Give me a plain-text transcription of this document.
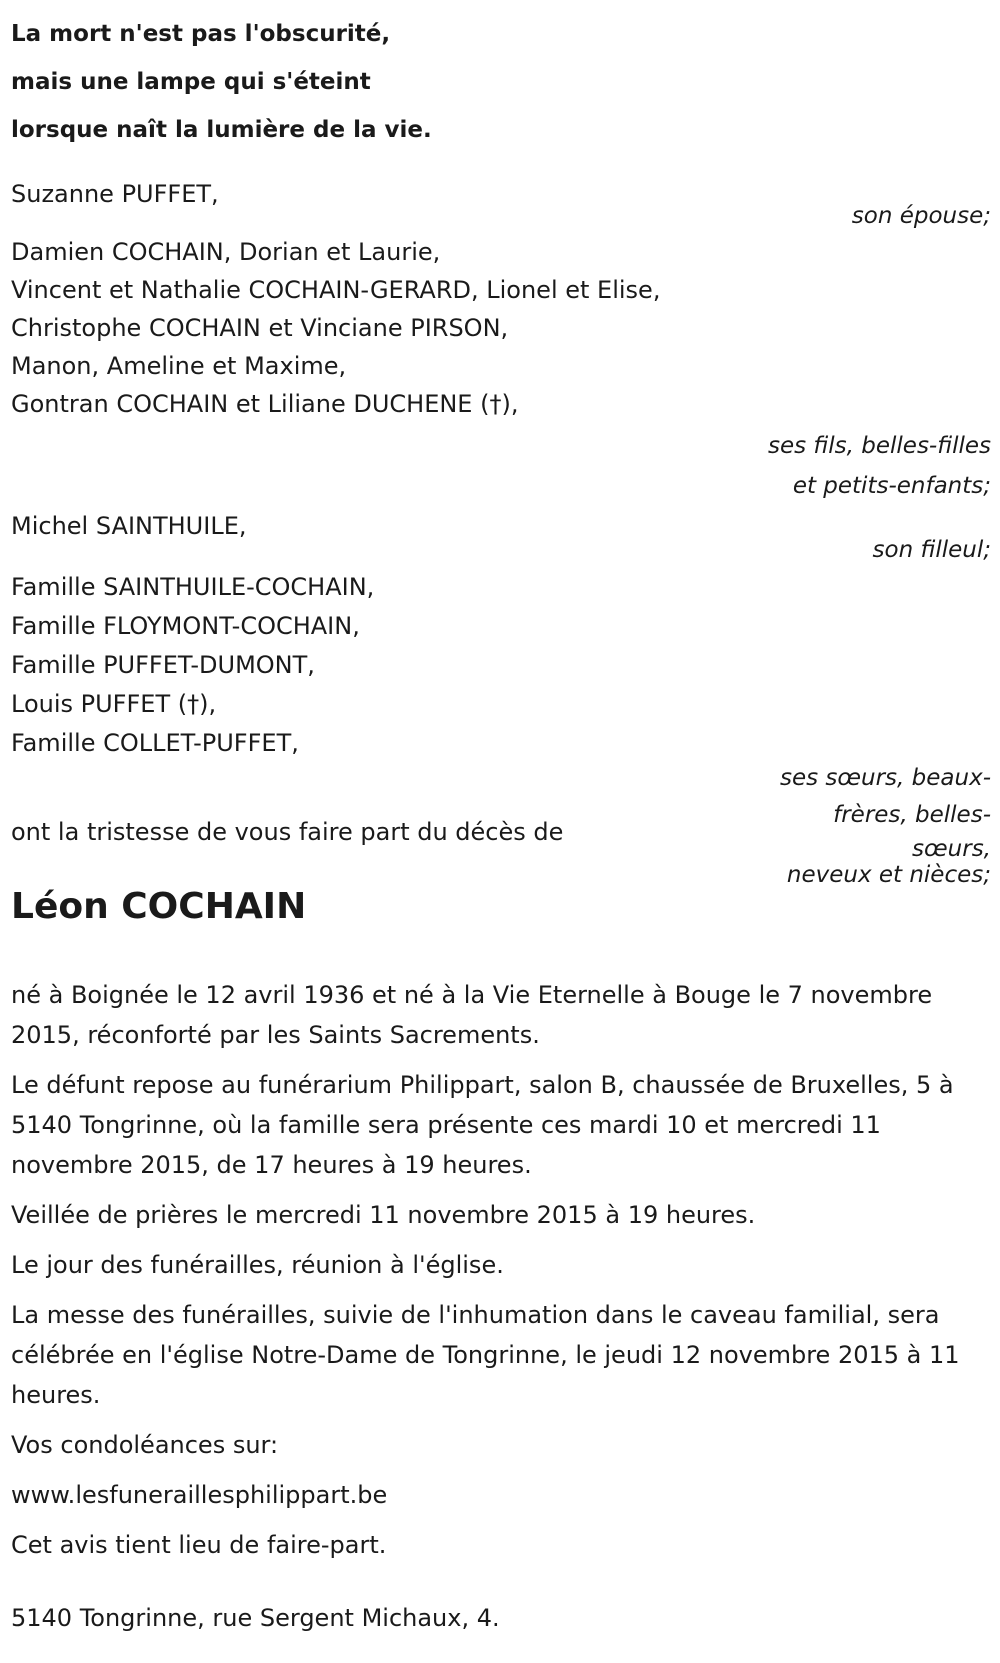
La mort n'est pas l'obscurité,
mais une lampe qui s'éteint
lorsque naît la lumière de la vie.
Suzanne PUFFET,
son épouse;
Damien COCHAIN, Dorian et Laurie,
Vincent et Nathalie COCHAIN-GERARD, Lionel et Elise,
Christophe COCHAIN et Vinciane PIRSON,
Manon, Ameline et Maxime,
Gontran COCHAIN et Liliane DUCHENE (†),
ses fils, belles-filles
et petits-enfants;
Michel SAINTHUILE,
son filleul;
Famille SAINTHUILE-COCHAIN,
Famille FLOYMONT-COCHAIN,
Famille PUFFET-DUMONT,
Louis PUFFET (†),
Famille COLLET-PUFFET,
ses sœurs, beaux-
frères, belles-
sœurs,
neveux et nièces;
ont la tristesse de vous faire part du décès de
Léon COCHAIN

né à Boignée le 12 avril 1936 et né à la Vie Eternelle à Bouge le 7 novembre 2015, réconforté par les Saints Sacrements.

Le défunt repose au funérarium Philippart, salon B, chaussée de Bruxelles, 5 à 5140 Tongrinne, où la famille sera présente ces mardi 10 et mercredi 11 novembre 2015, de 17 heures à 19 heures.

Veillée de prières le mercredi 11 novembre 2015 à 19 heures.

Le jour des funérailles, réunion à l'église.

La messe des funérailles, suivie de l'inhumation dans le caveau familial, sera célébrée en l'église Notre-Dame de Tongrinne, le jeudi 12 novembre 2015 à 11 heures.

Vos condoléances sur:

www.lesfuneraillesphilippart.be

Cet avis tient lieu de faire-part.

5140 Tongrinne, rue Sergent Michaux, 4.
